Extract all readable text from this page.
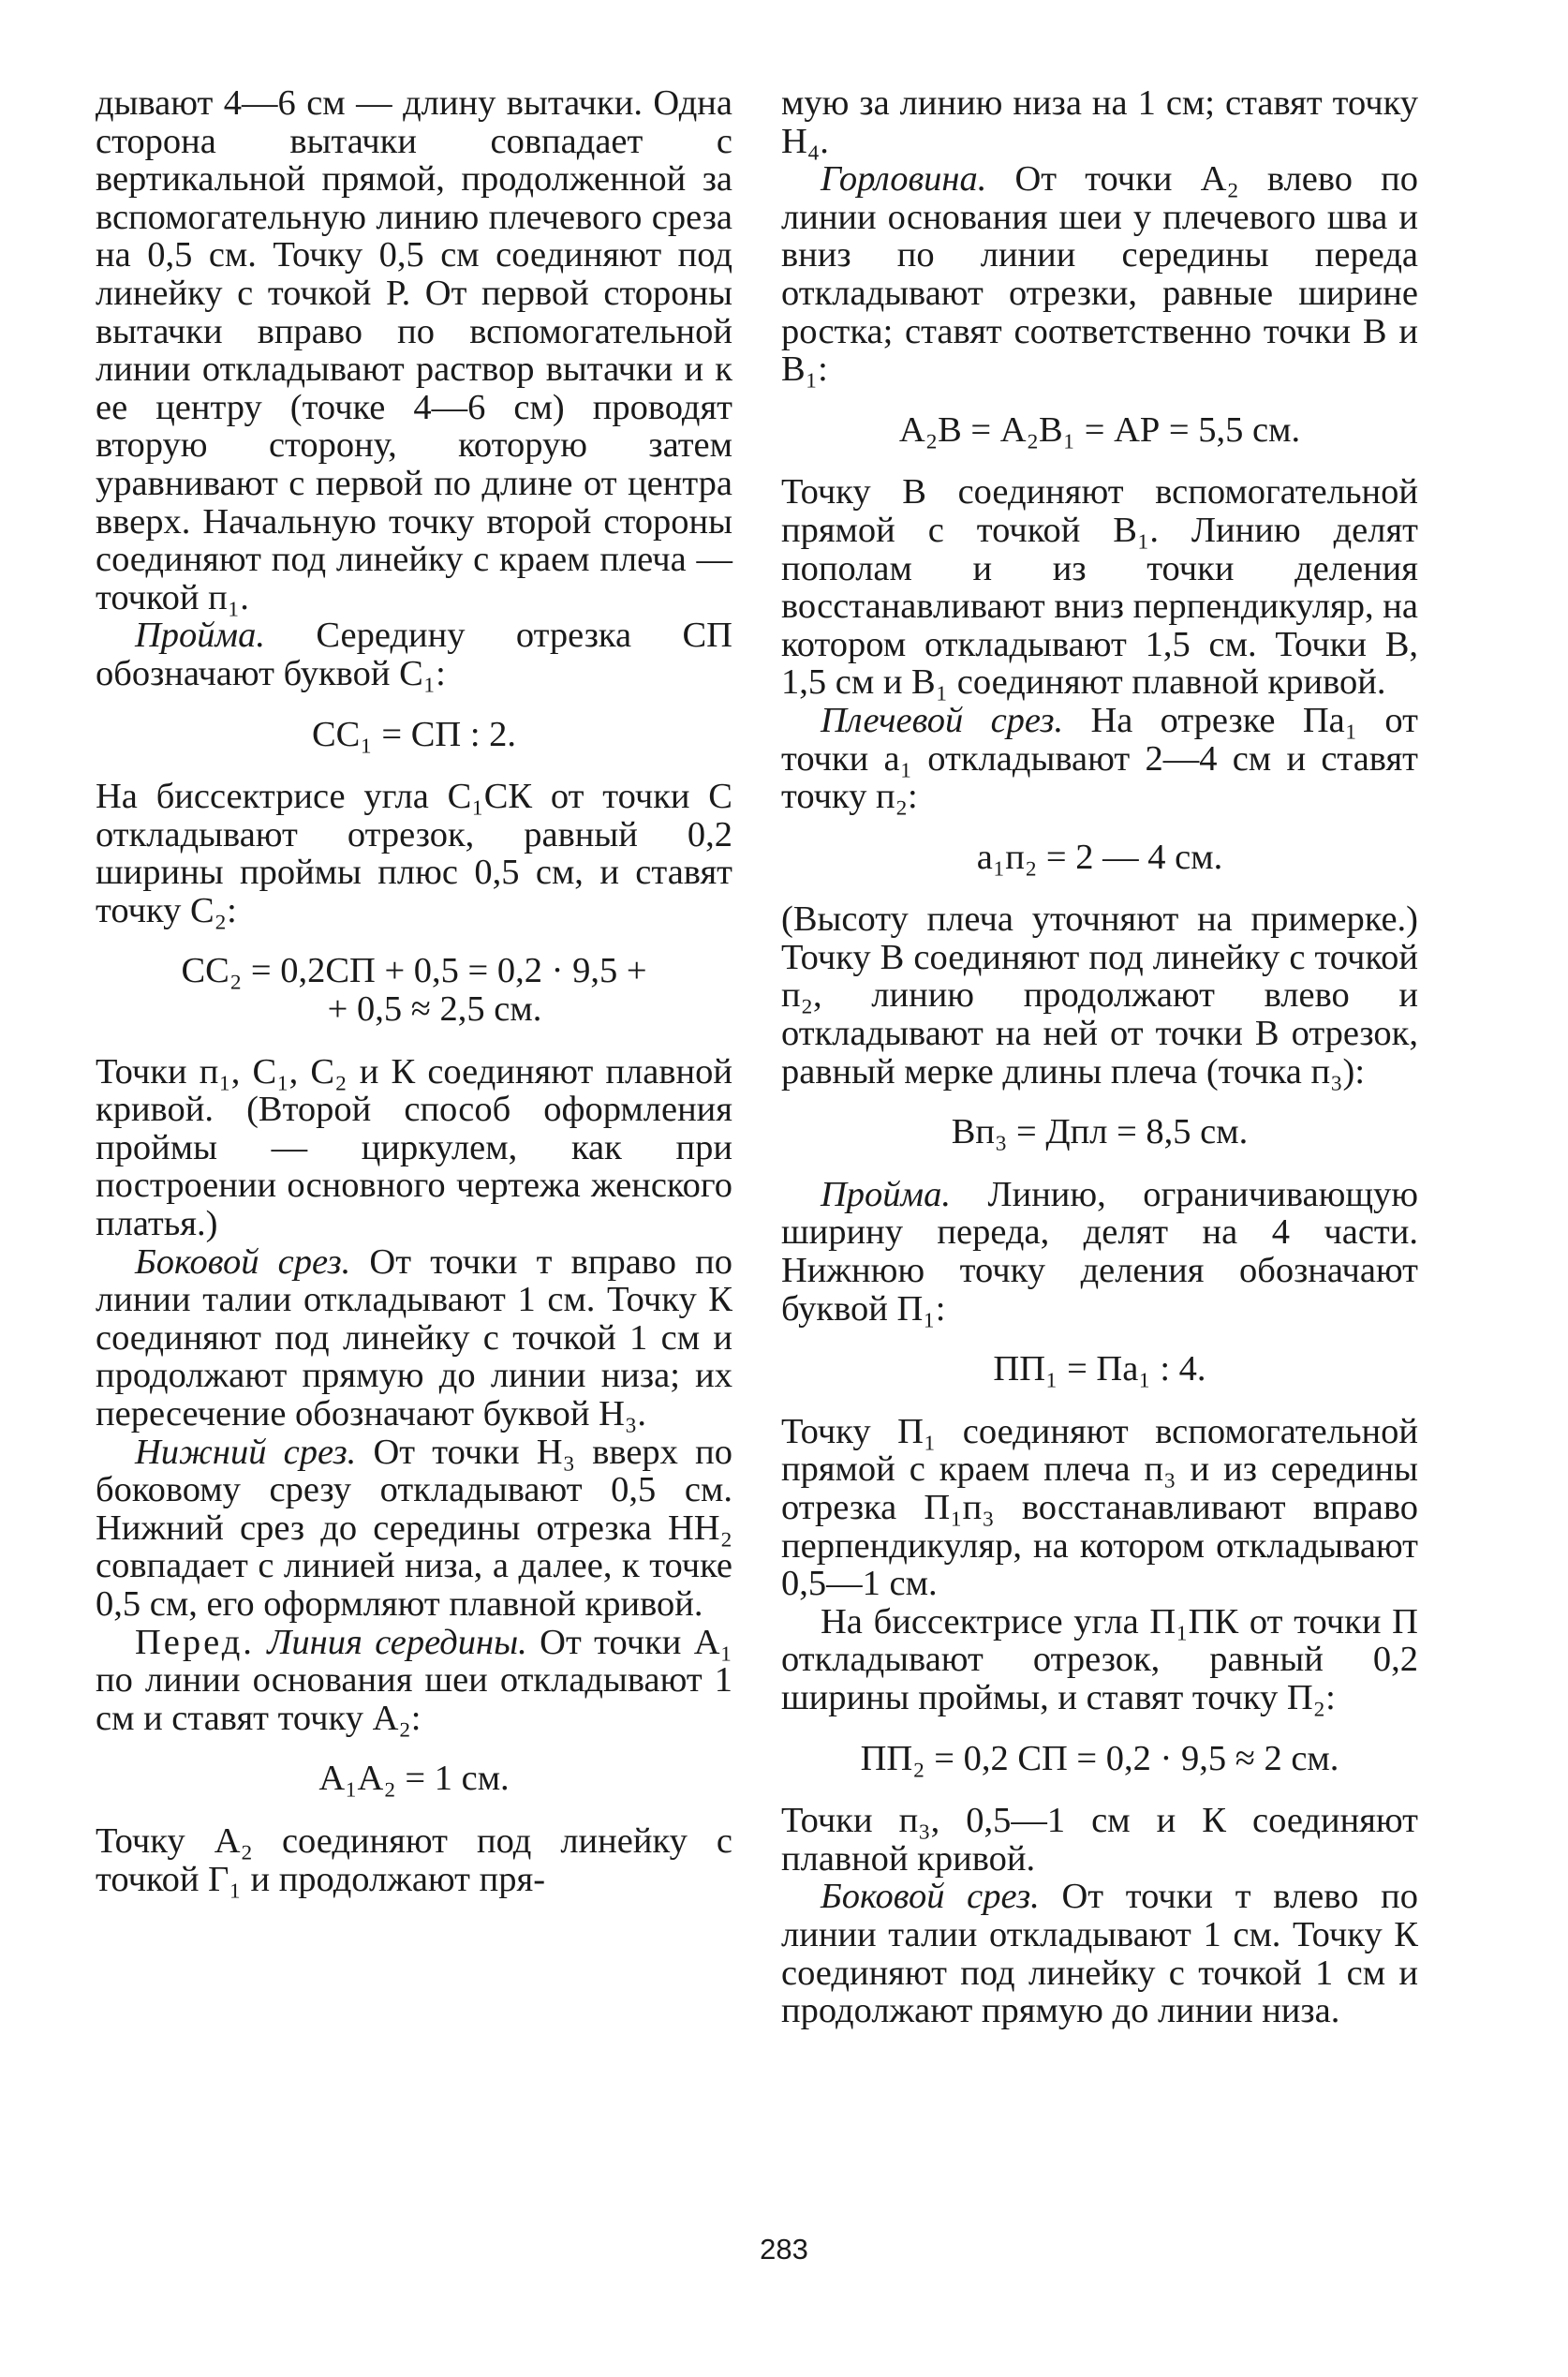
дывают 4—6 см — длину вытачки. Одна сторона вытачки совпадает с вертикальной прямой, продолженной за вспомогательную линию плечевого среза на 0,5 см. Точку 0,5 см соединяют под линейку с точкой Р. От первой стороны вытачки вправо по вспомогательной линии откладывают раствор вытачки и к ее центру (точке 4—6 см) проводят вторую сторону, которую затем уравнивают с первой по длине от центра вверх. Начальную точку второй стороны соединяют под линейку с краем плеча — точкой п₁.

Пройма. Середину отрезка СП обозначают буквой С₁:

СС₁ = СП : 2.

На биссектрисе угла С₁СК от точки С откладывают отрезок, равный 0,2 ширины проймы плюс 0,5 см, и ставят точку С₂:

СС₂ = 0,2СП + 0,5 = 0,2 · 9,5 +
+ 0,5 ≈ 2,5 см.

Точки п₁, С₁, С₂ и К соединяют плавной кривой. (Второй способ оформления проймы — циркулем, как при построении основного чертежа женского платья.)

Боковой срез. От точки т вправо по линии талии откладывают 1 см. Точку К соединяют под линейку с точкой 1 см и продолжают прямую до линии низа; их пересечение обозначают буквой Н₃.

Нижний срез. От точки Н₃ вверх по боковому срезу откладывают 0,5 см. Нижний срез до середины отрезка НН₂ совпадает с линией низа, а далее, к точке 0,5 см, его оформляют плавной кривой.

Перед. Линия середины. От точки А₁ по линии основания шеи откладывают 1 см и ставят точку А₂:

А₁А₂ = 1 см.

Точку А₂ соединяют под линейку с точкой Г₁ и продолжают пря-

мую за линию низа на 1 см; ставят точку Н₄.

Горловина. От точки А₂ влево по линии основания шеи у плечевого шва и вниз по линии середины переда откладывают отрезки, равные ширине ростка; ставят соответственно точки В и В₁:

А₂В = А₂В₁ = АР = 5,5 см.

Точку В соединяют вспомогательной прямой с точкой В₁. Линию делят пополам и из точки деления восстанавливают вниз перпендикуляр, на котором откладывают 1,5 см. Точки В, 1,5 см и В₁ соединяют плавной кривой.

Плечевой срез. На отрезке Па₁ от точки а₁ откладывают 2—4 см и ставят точку п₂:

а₁п₂ = 2 — 4 см.

(Высоту плеча уточняют на примерке.) Точку В соединяют под линейку с точкой п₂, линию продолжают влево и откладывают на ней от точки В отрезок, равный мерке длины плеча (точка п₃):

Вп₃ = Дпл = 8,5 см.

Пройма. Линию, ограничивающую ширину переда, делят на 4 части. Нижнюю точку деления обозначают буквой П₁:

ПП₁ = Па₁ : 4.

Точку П₁ соединяют вспомогательной прямой с краем плеча п₃ и из середины отрезка П₁п₃ восстанавливают вправо перпендикуляр, на котором откладывают 0,5—1 см.

На биссектрисе угла П₁ПК от точки П откладывают отрезок, равный 0,2 ширины проймы, и ставят точку П₂:

ПП₂ = 0,2 СП = 0,2 · 9,5 ≈ 2 см.

Точки п₃, 0,5—1 см и К соединяют плавной кривой.

Боковой срез. От точки т влево по линии талии откладывают 1 см. Точку К соединяют под линейку с точкой 1 см и продолжают прямую до линии низа.

283
